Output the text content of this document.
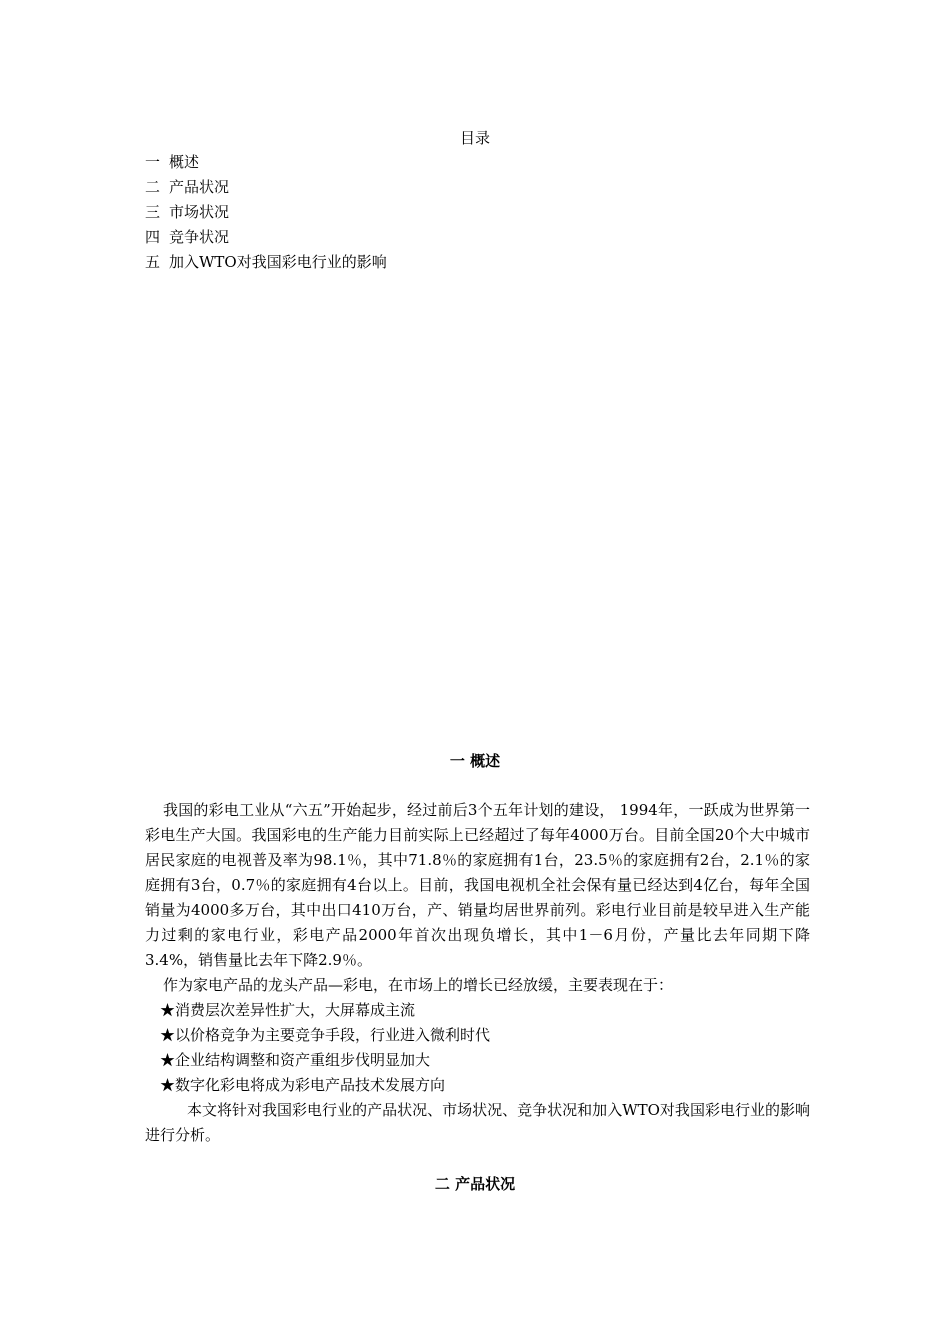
目录
一 概述
二 产品状况
三 市场状况
四 竞争状况
五 加入WTO对我国彩电行业的影响
一 概述

我国的彩电工业从“六五”开始起步，经过前后3个五年计划的建设， 1994年，一跃成为世界第一彩电生产大国。我国彩电的生产能力目前实际上已经超过了每年4000万台。目前全国20个大中城市居民家庭的电视普及率为98.1％，其中71.8％的家庭拥有1台，23.5％的家庭拥有2台，2.1％的家庭拥有3台，0.7％的家庭拥有4台以上。目前，我国电视机全社会保有量已经达到4亿台，每年全国销量为4000多万台，其中出口410万台，产、销量均居世界前列。彩电行业目前是较早进入生产能力过剩的家电行业，彩电产品2000年首次出现负增长，其中1－6月份，产量比去年同期下降3.4%，销售量比去年下降2.9％。

作为家电产品的龙头产品—彩电，在市场上的增长已经放缓，主要表现在于：

★消费层次差异性扩大，大屏幕成主流
★以价格竞争为主要竞争手段，行业进入微利时代
★企业结构调整和资产重组步伐明显加大
★数字化彩电将成为彩电产品技术发展方向

本文将针对我国彩电行业的产品状况、市场状况、竞争状况和加入WTO对我国彩电行业的影响进行分析。

二 产品状况
